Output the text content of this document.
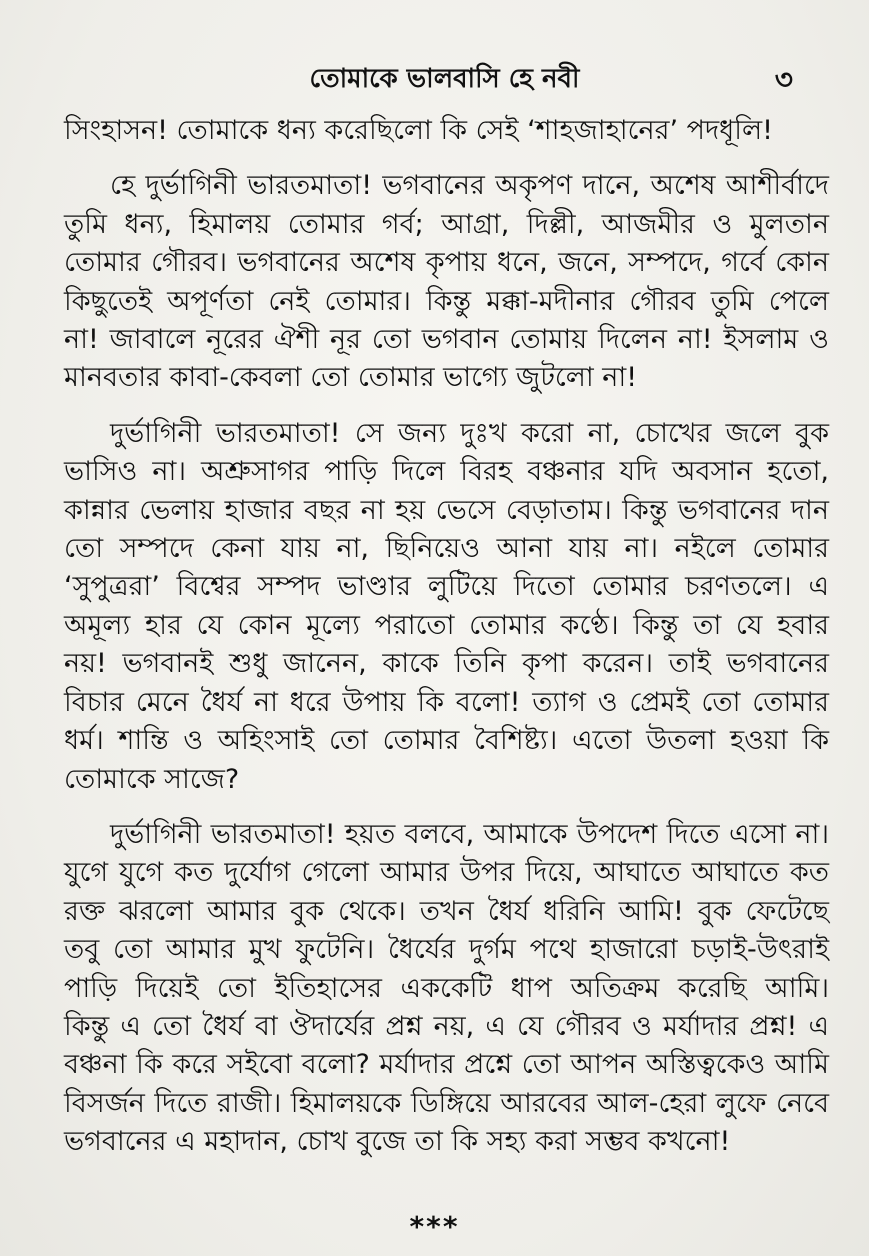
তোমাকে ভালবাসি হে নবী	৩
সিংহাসন! তোমাকে ধন্য করেছিলো কি সেই ‘শাহজাহানের’ পদধূলি!
হে দুর্ভাগিনী ভারতমাতা! ভগবানের অকৃপণ দানে, অশেষ আশীর্বাদে
তুমি ধন্য, হিমালয় তোমার গর্ব; আগ্রা, দিল্লী, আজমীর ও মুলতান
তোমার গৌরব। ভগবানের অশেষ কৃপায় ধনে, জনে, সম্পদে, গর্বে কোন
কিছুতেই অপূর্ণতা নেই তোমার। কিন্তু মক্কা-মদীনার গৌরব তুমি পেলে
না! জাবালে নূরের ঐশী নূর তো ভগবান তোমায় দিলেন না! ইসলাম ও
মানবতার কাবা-কেবলা তো তোমার ভাগ্যে জুটলো না!
দুর্ভাগিনী ভারতমাতা! সে জন্য দুঃখ করো না, চোখের জলে বুক
ভাসিও না। অশ্রুসাগর পাড়ি দিলে বিরহ বঞ্চনার যদি অবসান হতো,
কান্নার ভেলায় হাজার বছর না হয় ভেসে বেড়াতাম। কিন্তু ভগবানের দান
তো সম্পদে কেনা যায় না, ছিনিয়েও আনা যায় না। নইলে তোমার
‘সুপুত্ররা’ বিশ্বের সম্পদ ভাণ্ডার লুটিয়ে দিতো তোমার চরণতলে। এ
অমূল্য হার যে কোন মূল্যে পরাতো তোমার কণ্ঠে। কিন্তু তা যে হবার
নয়! ভগবানই শুধু জানেন, কাকে তিনি কৃপা করেন। তাই ভগবানের
বিচার মেনে ধৈর্য না ধরে উপায় কি বলো! ত্যাগ ও প্রেমই তো তোমার
ধর্ম। শান্তি ও অহিংসাই তো তোমার বৈশিষ্ট্য। এতো উতলা হওয়া কি
তোমাকে সাজে?
দুর্ভাগিনী ভারতমাতা! হয়ত বলবে, আমাকে উপদেশ দিতে এসো না।
যুগে যুগে কত দুর্যোগ গেলো আমার উপর দিয়ে, আঘাতে আঘাতে কত
রক্ত ঝরলো আমার বুক থেকে। তখন ধৈর্য ধরিনি আমি! বুক ফেটেছে
তবু তো আমার মুখ ফুটেনি। ধৈর্যের দুর্গম পথে হাজারো চড়াই-উৎরাই
পাড়ি দিয়েই তো ইতিহাসের এককেটি ধাপ অতিক্রম করেছি আমি।
কিন্তু এ তো ধৈর্য বা ঔদার্যের প্রশ্ন নয়, এ যে গৌরব ও মর্যাদার প্রশ্ন! এ
বঞ্চনা কি করে সইবো বলো? মর্যাদার প্রশ্নে তো আপন অস্তিত্বকেও আমি
বিসর্জন দিতে রাজী। হিমালয়কে ডিঙ্গিয়ে আরবের আল-হেরা লুফে নেবে
ভগবানের এ মহাদান, চোখ বুজে তা কি সহ্য করা সম্ভব কখনো!
***
